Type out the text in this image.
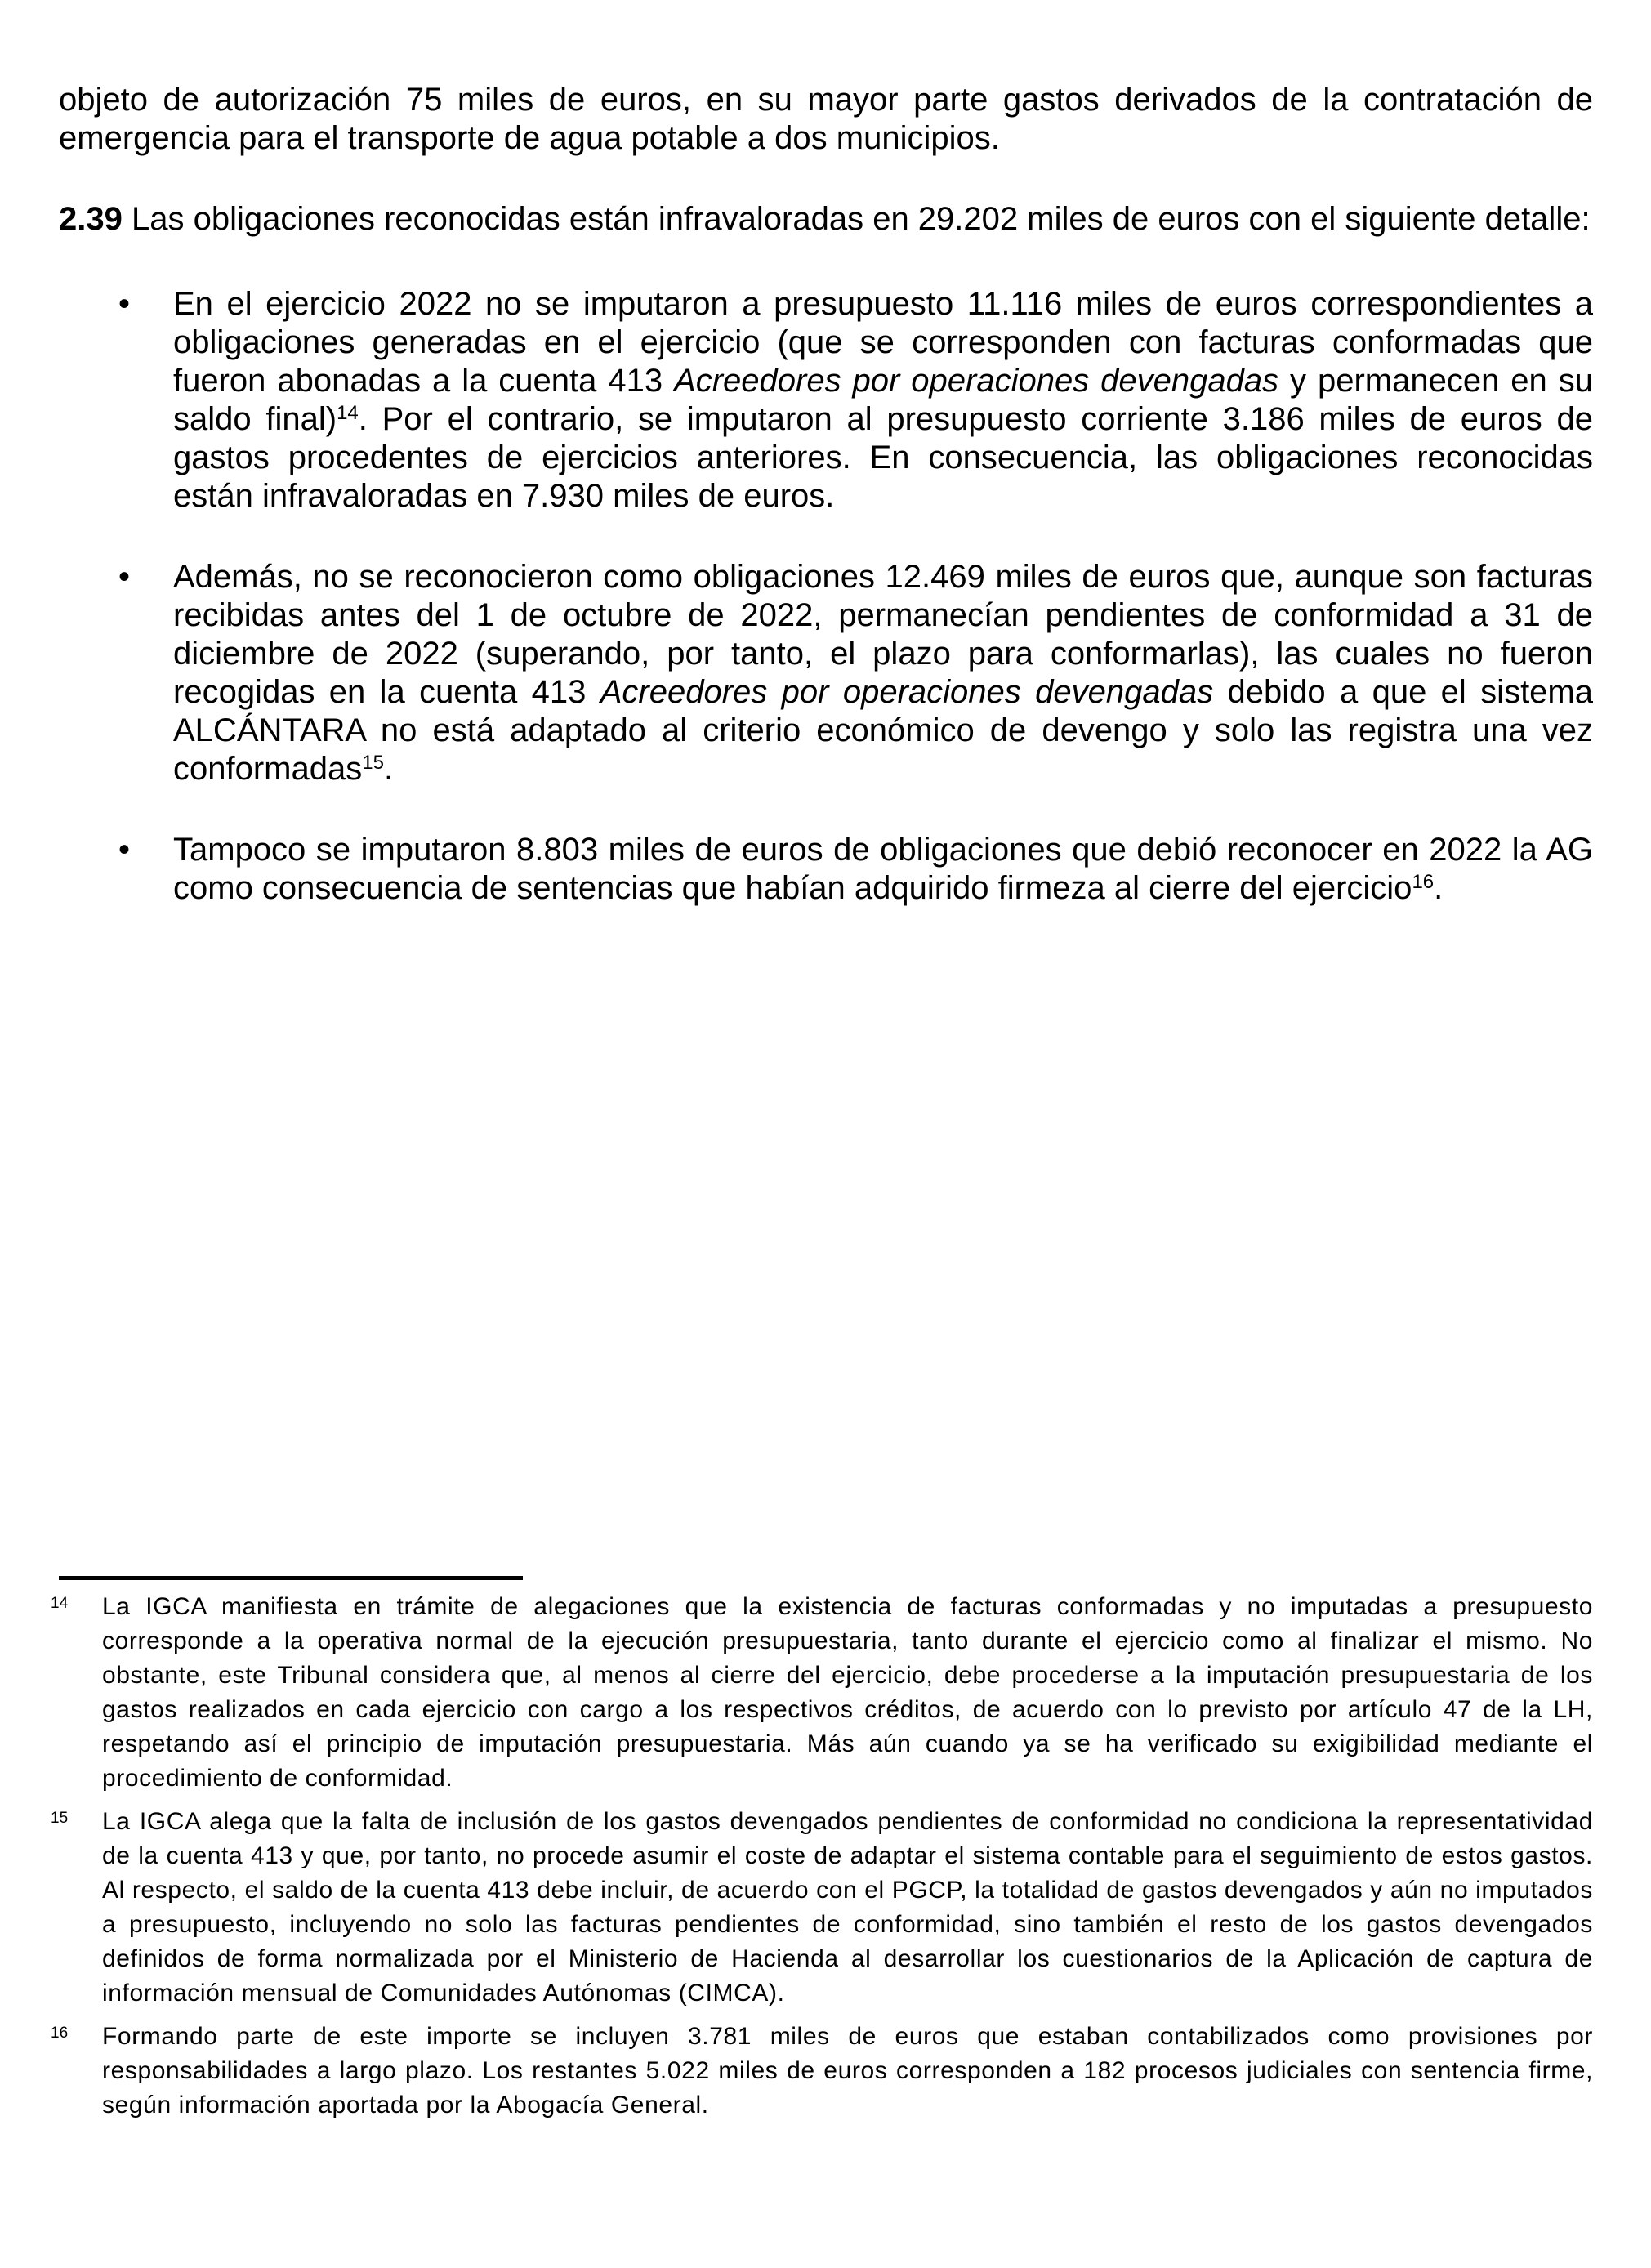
objeto de autorización 75 miles de euros, en su mayor parte gastos derivados de la contratación de emergencia para el transporte de agua potable a dos municipios.

2.39 Las obligaciones reconocidas están infravaloradas en 29.202 miles de euros con el siguiente detalle:

• En el ejercicio 2022 no se imputaron a presupuesto 11.116 miles de euros correspondientes a obligaciones generadas en el ejercicio (que se corresponden con facturas conformadas que fueron abonadas a la cuenta 413 Acreedores por operaciones devengadas y permanecen en su saldo final)$^{14}$. Por el contrario, se imputaron al presupuesto corriente 3.186 miles de euros de gastos procedentes de ejercicios anteriores. En consecuencia, las obligaciones reconocidas están infravaloradas en 7.930 miles de euros.
• Además, no se reconocieron como obligaciones 12.469 miles de euros que, aunque son facturas recibidas antes del 1 de octubre de 2022, permanecían pendientes de conformidad a 31 de diciembre de 2022 (superando, por tanto, el plazo para conformarlas), las cuales no fueron recogidas en la cuenta 413 Acreedores por operaciones devengadas debido a que el sistema ALCÁNTARA no está adaptado al criterio económico de devengo y solo las registra una vez conformadas$^{15}$.
• Tampoco se imputaron 8.803 miles de euros de obligaciones que debió reconocer en 2022 la AG como consecuencia de sentencias que habían adquirido firmeza al cierre del ejercicio$^{16}$.
14 La IGCA manifiesta en trámite de alegaciones que la existencia de facturas conformadas y no imputadas a presupuesto corresponde a la operativa normal de la ejecución presupuestaria, tanto durante el ejercicio como al finalizar el mismo. No obstante, este Tribunal considera que, al menos al cierre del ejercicio, debe procederse a la imputación presupuestaria de los gastos realizados en cada ejercicio con cargo a los respectivos créditos, de acuerdo con lo previsto por artículo 47 de la LH, respetando así el principio de imputación presupuestaria. Más aún cuando ya se ha verificado su exigibilidad mediante el procedimiento de conformidad.
15 La IGCA alega que la falta de inclusión de los gastos devengados pendientes de conformidad no condiciona la representatividad de la cuenta 413 y que, por tanto, no procede asumir el coste de adaptar el sistema contable para el seguimiento de estos gastos. Al respecto, el saldo de la cuenta 413 debe incluir, de acuerdo con el PGCP, la totalidad de gastos devengados y aún no imputados a presupuesto, incluyendo no solo las facturas pendientes de conformidad, sino también el resto de los gastos devengados definidos de forma normalizada por el Ministerio de Hacienda al desarrollar los cuestionarios de la Aplicación de captura de información mensual de Comunidades Autónomas (CIMCA).
16 Formando parte de este importe se incluyen 3.781 miles de euros que estaban contabilizados como provisiones por responsabilidades a largo plazo. Los restantes 5.022 miles de euros corresponden a 182 procesos judiciales con sentencia firme, según información aportada por la Abogacía General.
